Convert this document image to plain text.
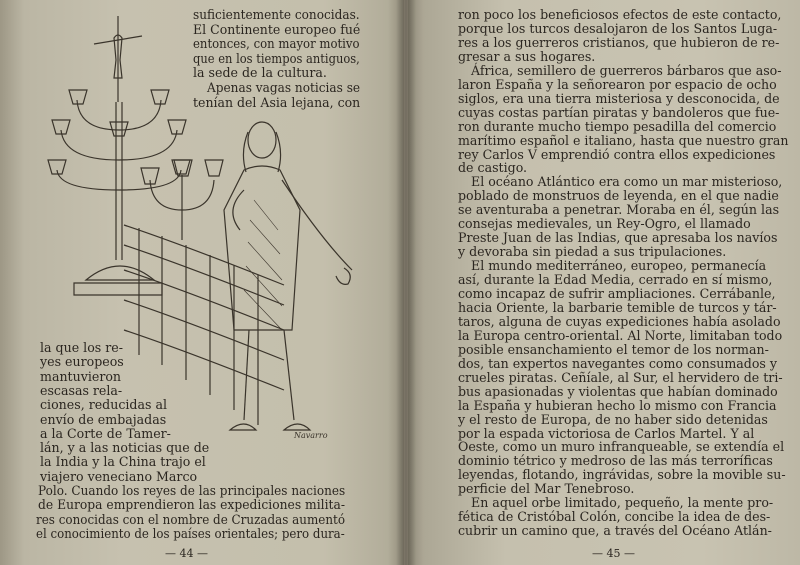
Navarro
suficientemente conocidas.
El Continente europeo fué
entonces, con mayor motivo
que en los tiempos antiguos,
la sede de la cultura.
Apenas vagas noticias se
tenían del Asia lejana, con
la que los re-
yes europeos
mantuvieron
escasas rela-
ciones, reducidas al
envío de embajadas
a la Corte de Tamer-
lán, y a las noticias que de
la India y la China trajo el
viajero veneciano Marco
Polo. Cuando los reyes de las principales naciones
de Europa emprendieron las expediciones milita-
res conocidas con el nombre de Cruzadas aumentó
el conocimiento de los países orientales; pero dura-
— 44 —
ron poco los beneficiosos efectos de este contacto,
porque los turcos desalojaron de los Santos Luga-
res a los guerreros cristianos, que hubieron de re-
gresar a sus hogares.
África, semillero de guerreros bárbaros que aso-
laron España y la señorearon por espacio de ocho
siglos, era una tierra misteriosa y desconocida, de
cuyas costas partían piratas y bandoleros que fue-
ron durante mucho tiempo pesadilla del comercio
marítimo español e italiano, hasta que nuestro gran
rey Carlos V emprendió contra ellos expediciones
de castigo.
El océano Atlántico era como un mar misterioso,
poblado de monstruos de leyenda, en el que nadie
se aventuraba a penetrar. Moraba en él, según las
consejas medievales, un Rey-Ogro, el llamado
Preste Juan de las Indias, que apresaba los navíos
y devoraba sin piedad a sus tripulaciones.
El mundo mediterráneo, europeo, permanecía
así, durante la Edad Media, cerrado en sí mismo,
como incapaz de sufrir ampliaciones. Cerrábanle,
hacia Oriente, la barbarie temible de turcos y tár-
taros, alguna de cuyas expediciones había asolado
la Europa centro-oriental. Al Norte, limitaban todo
posible ensanchamiento el temor de los norman-
dos, tan expertos navegantes como consumados y
crueles piratas. Ceñíale, al Sur, el hervidero de tri-
bus apasionadas y violentas que habían dominado
la España y hubieran hecho lo mismo con Francia
y el resto de Europa, de no haber sido detenidas
por la espada victoriosa de Carlos Martel. Y al
Oeste, como un muro infranqueable, se extendía el
dominio tétrico y medroso de las más terroríficas
leyendas, flotando, ingrávidas, sobre la movible su-
perficie del Mar Tenebroso.
En aquel orbe limitado, pequeño, la mente pro-
fética de Cristóbal Colón, concibe la idea de des-
cubrir un camino que, a través del Océano Atlán-
— 45 —
